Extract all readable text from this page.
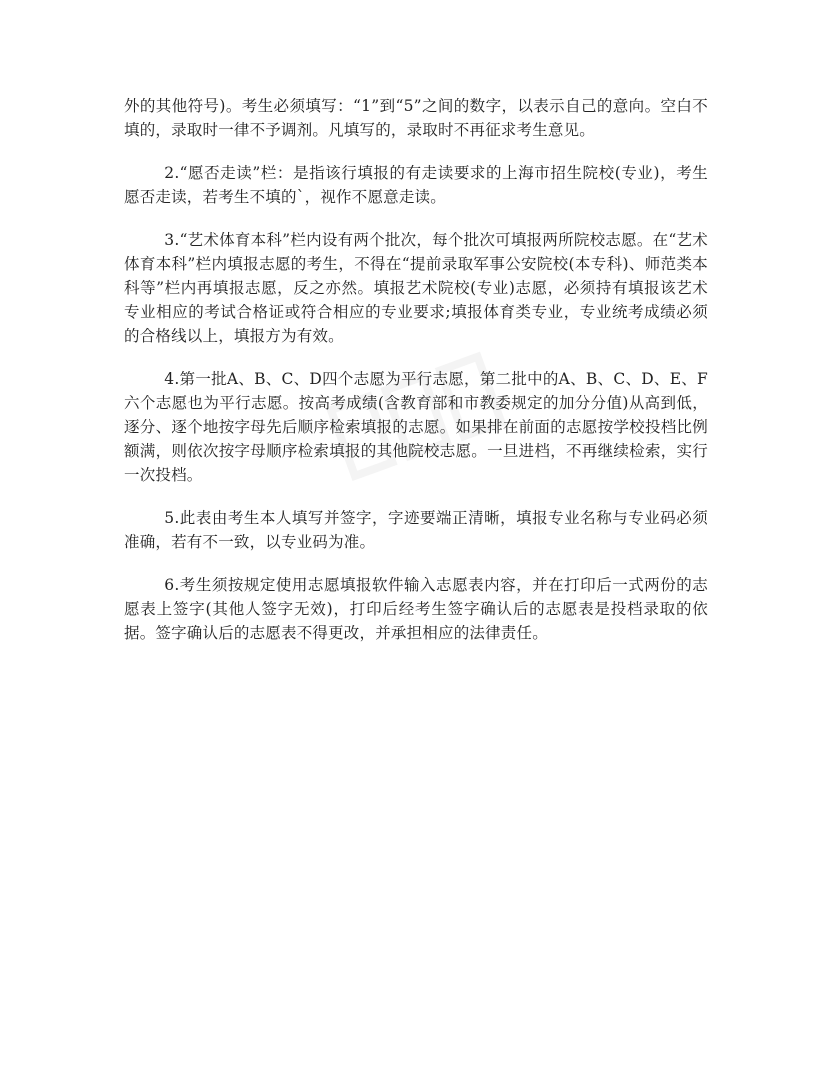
外的其他符号)。考生必须填写：“1”到“5”之间的数字，以表示自己的意向。空白不填的，录取时一律不予调剂。凡填写的，录取时不再征求考生意见。

2.“愿否走读”栏：是指该行填报的有走读要求的上海市招生院校(专业)，考生愿否走读，若考生不填的`，视作不愿意走读。

3.“艺术体育本科”栏内设有两个批次，每个批次可填报两所院校志愿。在“艺术体育本科”栏内填报志愿的考生，不得在“提前录取军事公安院校(本专科)、师范类本科等”栏内再填报志愿，反之亦然。填报艺术院校(专业)志愿，必须持有填报该艺术专业相应的考试合格证或符合相应的专业要求;填报体育类专业，专业统考成绩必须的合格线以上，填报方为有效。

4.第一批A、B、C、D四个志愿为平行志愿，第二批中的A、B、C、D、E、F六个志愿也为平行志愿。按高考成绩(含教育部和市教委规定的加分分值)从高到低，逐分、逐个地按字母先后顺序检索填报的志愿。如果排在前面的志愿按学校投档比例额满，则依次按字母顺序检索填报的其他院校志愿。一旦进档，不再继续检索，实行一次投档。

5.此表由考生本人填写并签字，字迹要端正清晰，填报专业名称与专业码必须准确，若有不一致，以专业码为准。

6.考生须按规定使用志愿填报软件输入志愿表内容，并在打印后一式两份的志愿表上签字(其他人签字无效)，打印后经考生签字确认后的志愿表是投档录取的依据。签字确认后的志愿表不得更改，并承担相应的法律责任。
